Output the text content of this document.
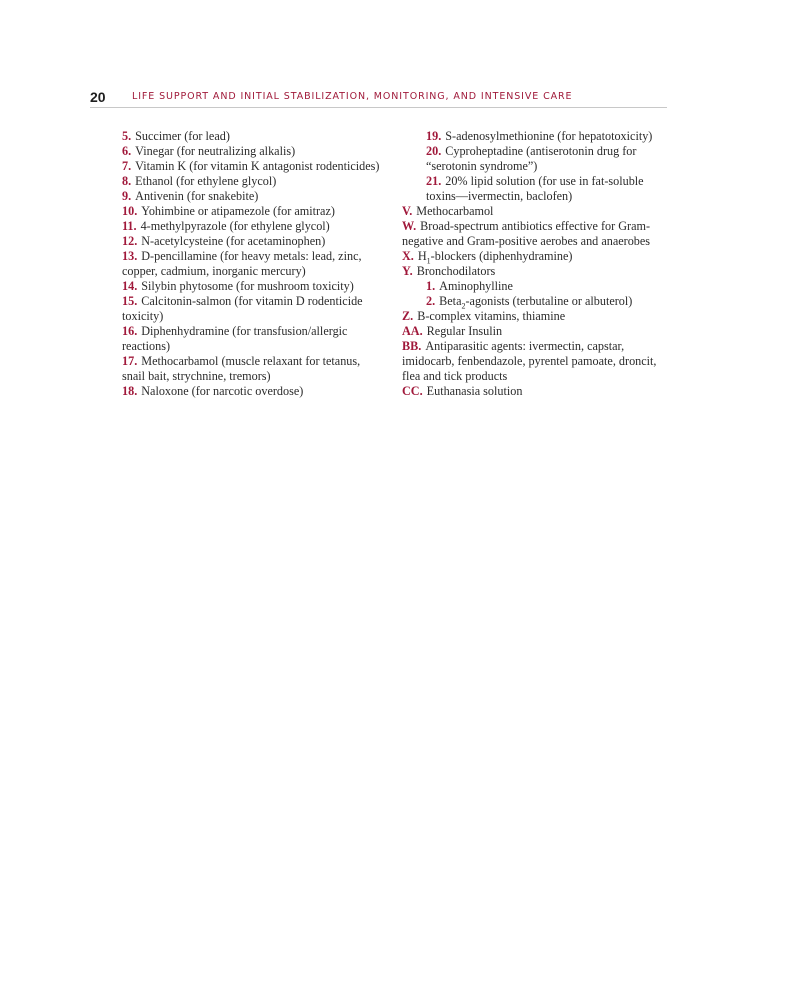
20	LIFE SUPPORT AND INITIAL STABILIZATION, MONITORING, AND INTENSIVE CARE

5. Succimer (for lead)

6. Vinegar (for neutralizing alkalis)

7. Vitamin K (for vitamin K antagonist rodenticides)

8. Ethanol (for ethylene glycol)

9. Antivenin (for snakebite)

10. Yohimbine or atipamezole (for amitraz)

11. 4-methylpyrazole (for ethylene glycol)

12. N-acetylcysteine (for acetaminophen)

13. D-pencillamine (for heavy metals: lead, zinc, copper, cadmium, inorganic mercury)

14. Silybin phytosome (for mushroom toxicity)

15. Calcitonin-salmon (for vitamin D rodenticide toxicity)

16. Diphenhydramine (for transfusion/allergic reactions)

17. Methocarbamol (muscle relaxant for tetanus, snail bait, strychnine, tremors)

18. Naloxone (for narcotic overdose)

19. S-adenosylmethionine (for hepatotoxicity)

20. Cyproheptadine (antiserotonin drug for “serotonin syndrome”)

21. 20% lipid solution (for use in fat-soluble toxins—ivermectin, baclofen)

V. Methocarbamol

W. Broad-spectrum antibiotics effective for Gram-negative and Gram-positive aerobes and anaerobes

X. $H_1$-blockers (diphenhydramine)

Y. Bronchodilators

1. Aminophylline

2. Beta$_2$-agonists (terbutaline or albuterol)

Z. B-complex vitamins, thiamine

AA. Regular Insulin

BB. Antiparasitic agents: ivermectin, capstar, imidocarb, fenbendazole, pyrentel pamoate, droncit, flea and tick products

CC. Euthanasia solution
